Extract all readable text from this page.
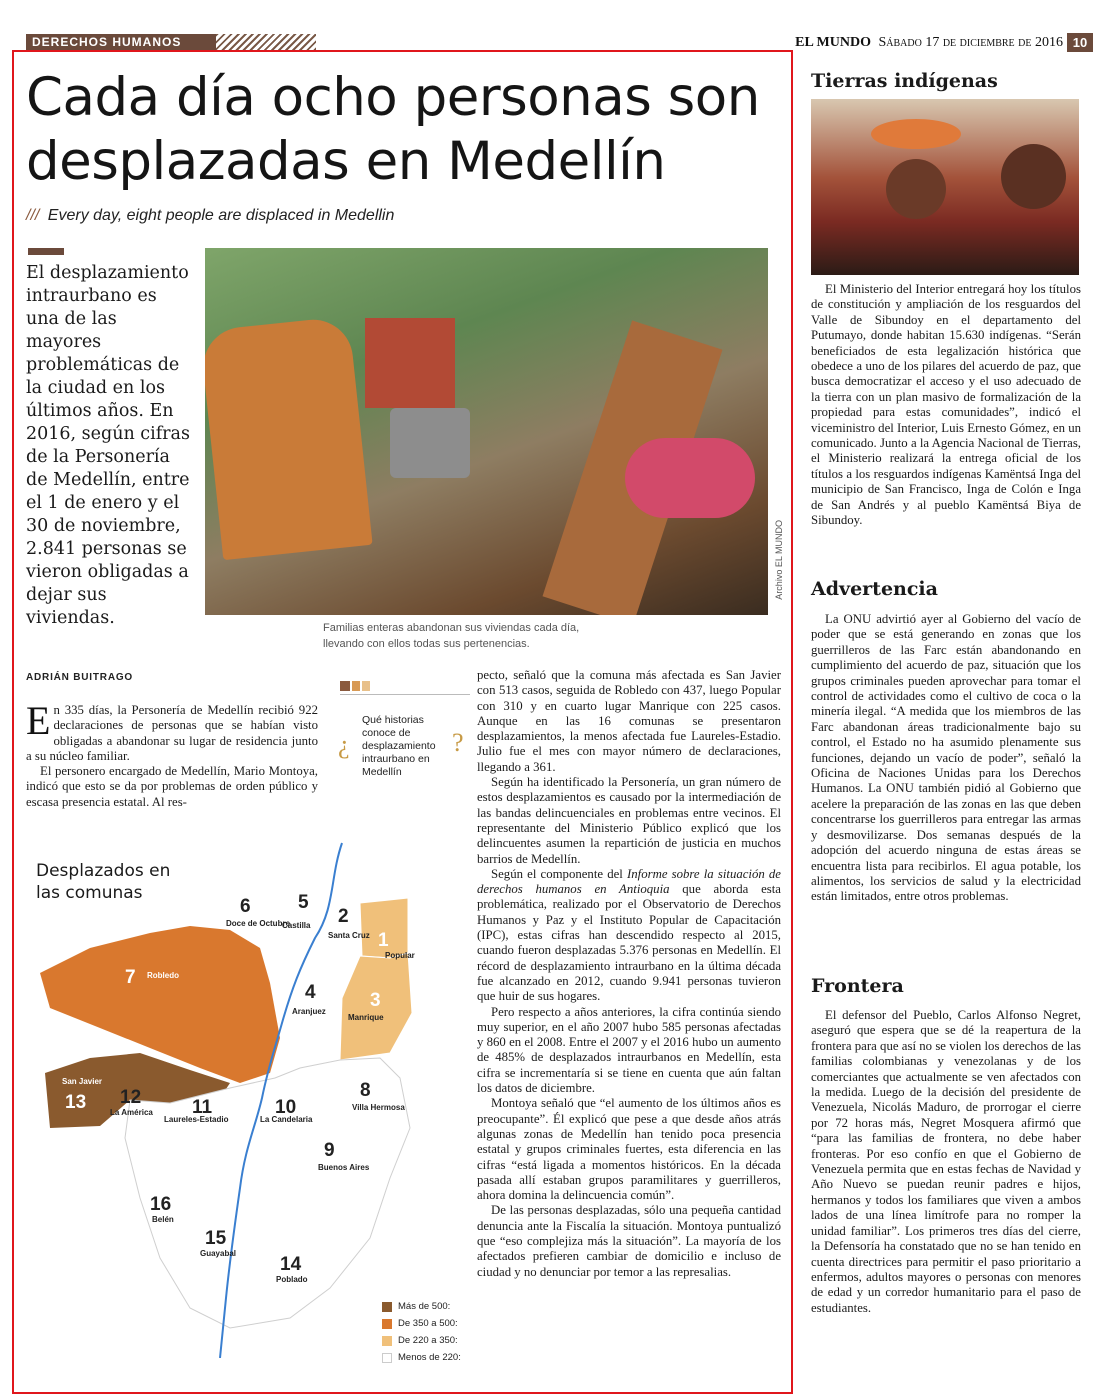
DERECHOS HUMANOS	EL MUNDO Sábado 17 de diciembre de 2016 10
Cada día ocho personas son
desplazadas en Medellín
/// Every day, eight people are displaced in Medellin
El desplazamiento intraurbano es una de las mayores problemáticas de la ciudad en los últimos años. En 2016, según cifras de la Personería de Medellín, entre el 1 de enero y el 30 de noviembre, 2.841 personas se vieron obligadas a dejar sus viviendas.
Archivo EL MUNDO
Familias enteras abandonan sus viviendas cada día, llevando con ellos todas sus pertenencias.
ADRIÁN BUITRAGO

En 335 días, la Personería de Medellín recibió 922 declaraciones de personas que se habían visto obligadas a abandonar su lugar de residencia junto a su núcleo familiar.

El personero encargado de Medellín, Mario Montoya, indicó que esto se da por problemas de orden público y escasa presencia estatal. Al res-

¿
Qué historias conoce de desplazamiento intraurbano en Medellín
?

pecto, señaló que la comuna más afectada es San Javier con 513 casos, seguida de Robledo con 437, luego Popular con 310 y en cuarto lugar Manrique con 225 casos. Aunque en las 16 comunas se presentaron desplazamientos, la menos afectada fue Laureles-Estadio. Julio fue el mes con mayor número de declaraciones, llegando a 361.

Según ha identificado la Personería, un gran número de estos desplazamientos es causado por la intermediación de las bandas delincuenciales en problemas entre vecinos. El representante del Ministerio Público explicó que los delincuentes asumen la repartición de justicia en muchos barrios de Medellín.

Según el componente del Informe sobre la situación de derechos humanos en Antioquia que aborda esta problemática, realizado por el Observatorio de Derechos Humanos y Paz y el Instituto Popular de Capacitación (IPC), estas cifras han descendido respecto al 2015, cuando fueron desplazadas 5.376 personas en Medellín. El récord de desplazamiento intraurbano en la última década fue alcanzado en 2012, cuando 9.941 personas tuvieron que huir de sus hogares.

Pero respecto a años anteriores, la cifra continúa siendo muy superior, en el año 2007 hubo 585 personas afectadas y 860 en el 2008. Entre el 2007 y el 2016 hubo un aumento de 485% de desplazados intraurbanos en Medellín, esta cifra se incrementaría si se tiene en cuenta que aún faltan los datos de diciembre.

Montoya señaló que “el aumento de los últimos años es preocupante”. Él explicó que pese a que desde años atrás algunas zonas de Medellín han tenido poca presencia estatal y grupos criminales fuertes, esta diferencia en las cifras “está ligada a momentos históricos. En la década pasada allí estaban grupos paramilitares y guerrilleros, ahora domina la delincuencia común”.

De las personas desplazadas, sólo una pequeña cantidad denuncia ante la Fiscalía la situación. Montoya puntualizó que “eso complejiza más la situación”. La mayoría de los afectados prefieren cambiar de domicilio e incluso de ciudad y no denunciar por temor a las represalias.

1
Popular
2
Santa Cruz
3
Manrique
4
Aranjuez
5
Castilla
6
Doce de Octubre
7 Robledo
8
Villa Hermosa
9
Buenos Aires
10
La Candelaria
11
Laureles-Estadio
12
La América
13
San Javier
14
Poblado
15
Guayabal
16
Belén
Desplazados en
las comunas
Más de 500:
De 350 a 500:
De 220 a 350:
Menos de 220:
Tierras indígenas

El Ministerio del Interior entregará hoy los títulos de constitución y ampliación de los resguardos del Valle de Sibundoy en el departamento del Putumayo, donde habitan 15.630 indígenas. “Serán beneficiados de esta legalización histórica que obedece a uno de los pilares del acuerdo de paz, que busca democratizar el acceso y el uso adecuado de la tierra con un plan masivo de formalización de la propiedad para estas comunidades”, indicó el viceministro del Interior, Luis Ernesto Gómez, en un comunicado. Junto a la Agencia Nacional de Tierras, el Ministerio realizará la entrega oficial de los títulos a los resguardos indígenas Kamëntsá Inga del municipio de San Francisco, Inga de Colón e Inga de San Andrés y al pueblo Kamëntsá Biya de Sibundoy.

Advertencia

La ONU advirtió ayer al Gobierno del vacío de poder que se está generando en zonas que los guerrilleros de las Farc están abandonando en cumplimiento del acuerdo de paz, situación que los grupos criminales pueden aprovechar para tomar el control de actividades como el cultivo de coca o la minería ilegal. “A medida que los miembros de las Farc abandonan áreas tradicionalmente bajo su control, el Estado no ha asumido plenamente sus funciones, dejando un vacío de poder”, señaló la Oficina de Naciones Unidas para los Derechos Humanos. La ONU también pidió al Gobierno que acelere la preparación de las zonas en las que deben concentrarse los guerrilleros para entregar las armas y desmovilizarse. Dos semanas después de la adopción del acuerdo ninguna de estas áreas se encuentra lista para recibirlos. El agua potable, los alimentos, los servicios de salud y la electricidad están limitados, entre otros problemas.

Frontera

El defensor del Pueblo, Carlos Alfonso Negret, aseguró que espera que se dé la reapertura de la frontera para que así no se violen los derechos de las familias colombianas y venezolanas y de los comerciantes que actualmente se ven afectados con la medida. Luego de la decisión del presidente de Venezuela, Nicolás Maduro, de prorrogar el cierre por 72 horas más, Negret Mosquera afirmó que “para las familias de frontera, no debe haber fronteras. Por eso confío en que el Gobierno de Venezuela permita que en estas fechas de Navidad y Año Nuevo se puedan reunir padres e hijos, hermanos y todos los familiares que viven a ambos lados de una línea limítrofe para no romper la unidad familiar”. Los primeros tres días del cierre, la Defensoría ha constatado que no se han tenido en cuenta directrices para permitir el paso prioritario a enfermos, adultos mayores o personas con menores de edad y un corredor humanitario para el paso de estudiantes.
